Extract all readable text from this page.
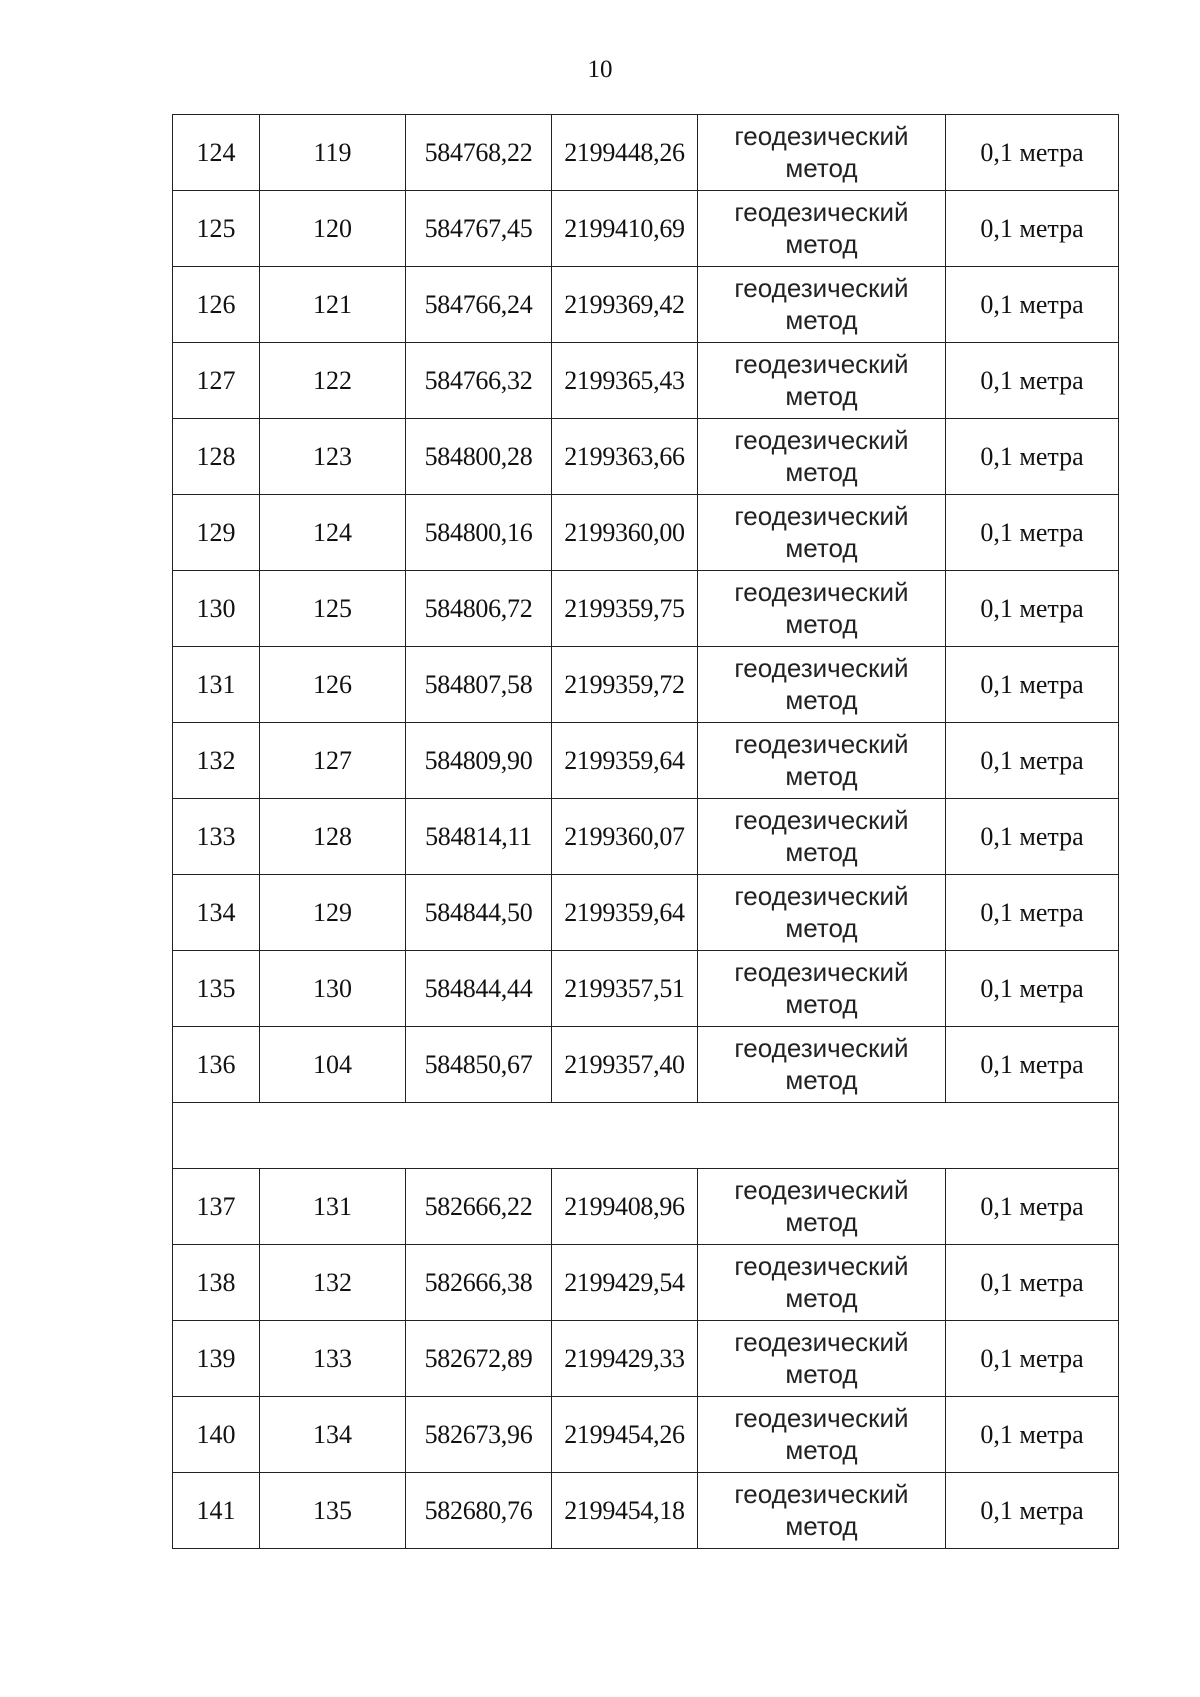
10
124	119	584768,22	2199448,26	геодезический
метод	0,1 метра
125	120	584767,45	2199410,69	геодезический
метод	0,1 метра
126	121	584766,24	2199369,42	геодезический
метод	0,1 метра
127	122	584766,32	2199365,43	геодезический
метод	0,1 метра
128	123	584800,28	2199363,66	геодезический
метод	0,1 метра
129	124	584800,16	2199360,00	геодезический
метод	0,1 метра
130	125	584806,72	2199359,75	геодезический
метод	0,1 метра
131	126	584807,58	2199359,72	геодезический
метод	0,1 метра
132	127	584809,90	2199359,64	геодезический
метод	0,1 метра
133	128	584814,11	2199360,07	геодезический
метод	0,1 метра
134	129	584844,50	2199359,64	геодезический
метод	0,1 метра
135	130	584844,44	2199357,51	геодезический
метод	0,1 метра
136	104	584850,67	2199357,40	геодезический
метод	0,1 метра

137	131	582666,22	2199408,96	геодезический
метод	0,1 метра
138	132	582666,38	2199429,54	геодезический
метод	0,1 метра
139	133	582672,89	2199429,33	геодезический
метод	0,1 метра
140	134	582673,96	2199454,26	геодезический
метод	0,1 метра
141	135	582680,76	2199454,18	геодезический
метод	0,1 метра
